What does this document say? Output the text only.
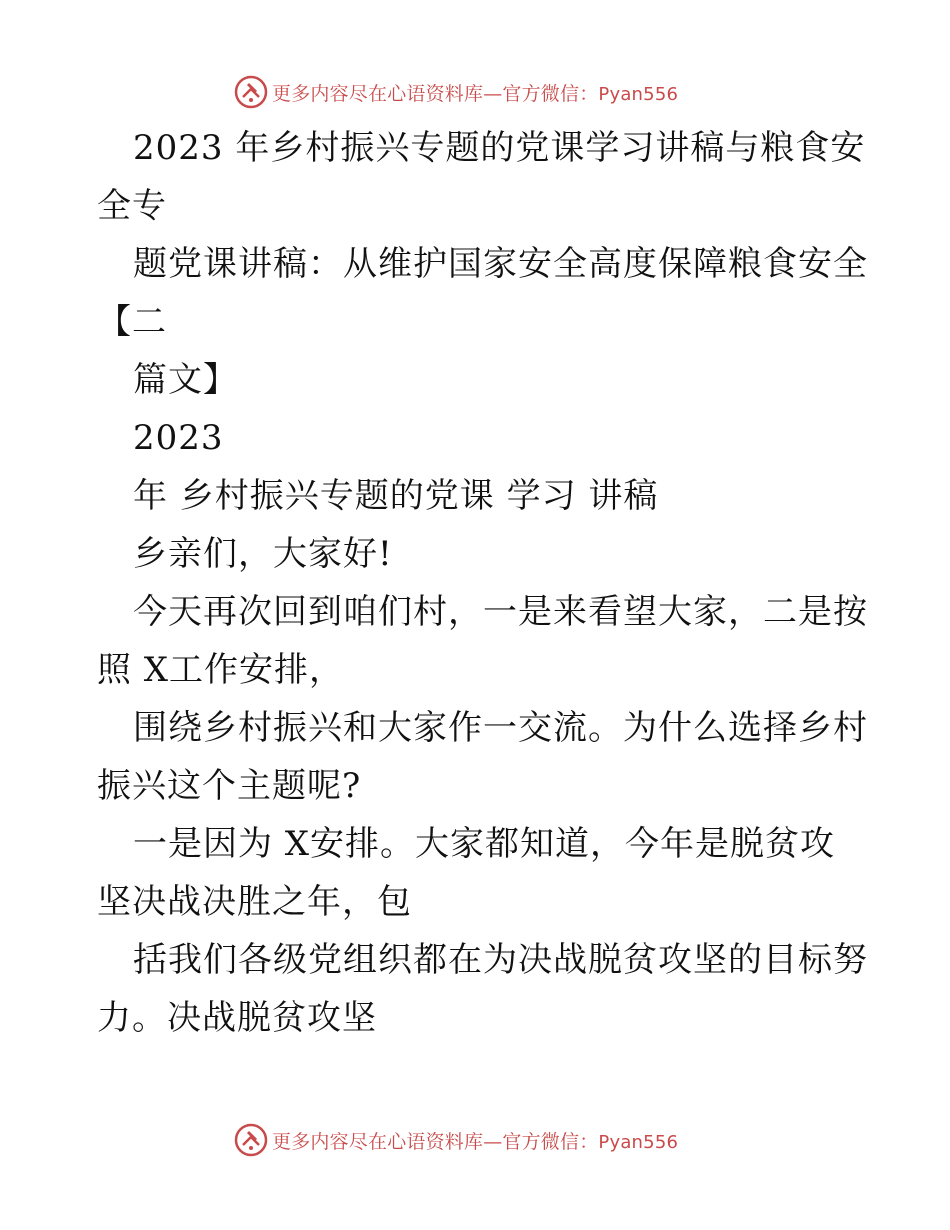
更多内容尽在心语资料库—官方微信：Pyan556
2023 年乡村振兴专题的党课学习讲稿与粮食安
全专
题党课讲稿：从维护国家安全高度保障粮食安全
【二
篇文】
2023
年 乡村振兴专题的党课 学习 讲稿
乡亲们，大家好!
今天再次回到咱们村，一是来看望大家，二是按
照 X工作安排，
围绕乡村振兴和大家作一交流。为什么选择乡村
振兴这个主题呢?
一是因为 X安排。大家都知道，今年是脱贫攻
坚决战决胜之年，包
括我们各级党组织都在为决战脱贫攻坚的目标努
力。决战脱贫攻坚
更多内容尽在心语资料库—官方微信：Pyan556
